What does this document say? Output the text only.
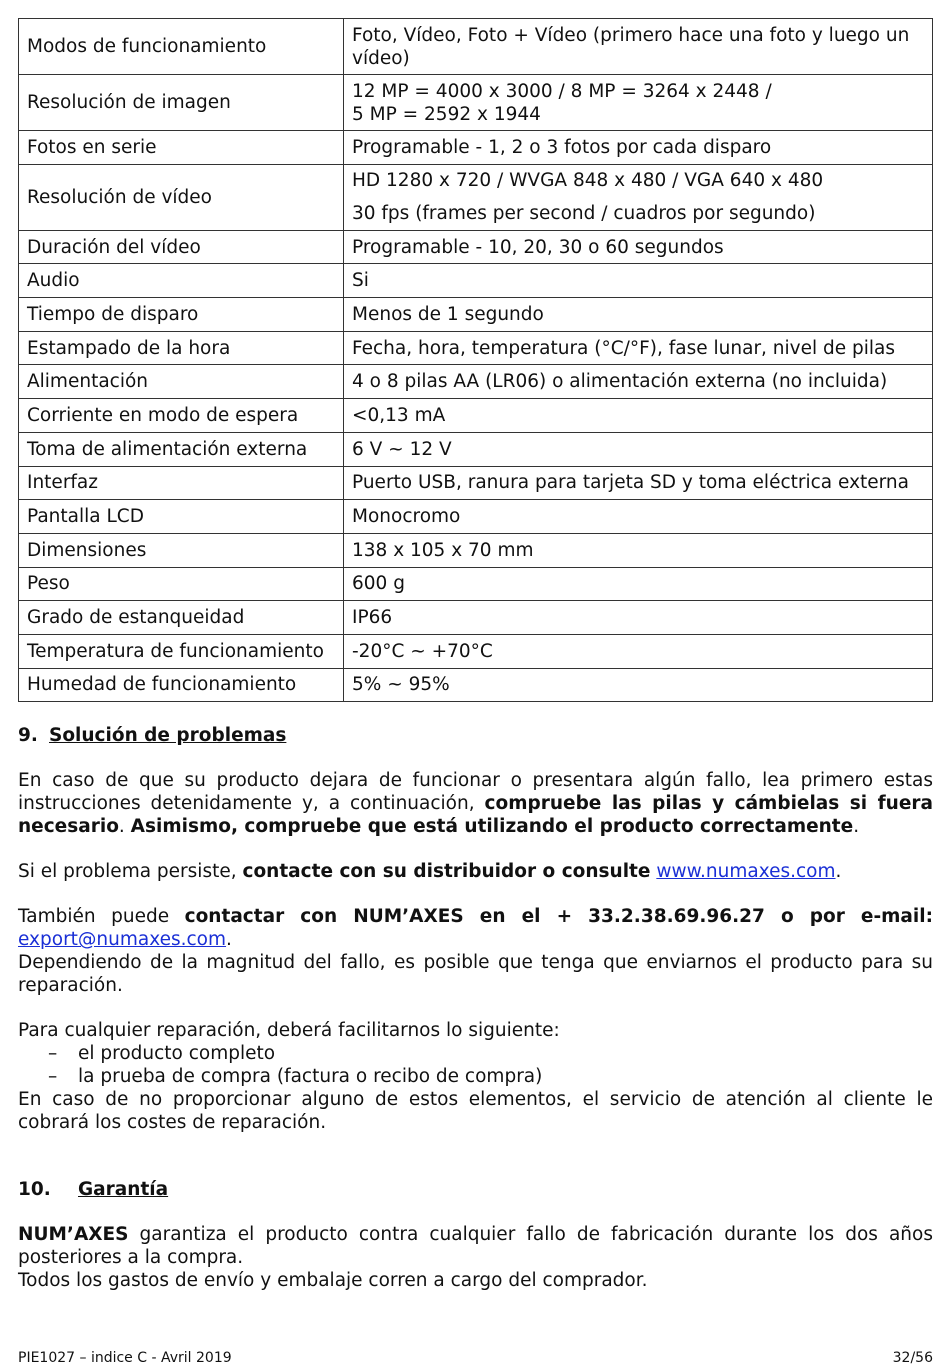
Modos de funcionamiento	Foto, Vídeo, Foto + Vídeo (primero hace una foto y luego un vídeo)

Resolución de imagen	12 MP = 4000 x 3000 / 8 MP = 3264 x 2448 /
5 MP = 2592 x 1944

Fotos en serie	Programable - 1, 2 o 3 fotos por cada disparo

Resolución de vídeo	HD 1280 x 720 / WVGA 848 x 480 / VGA 640 x 480
30 fps (frames per second / cuadros por segundo)

Duración del vídeo	Programable - 10, 20, 30 o 60 segundos

Audio	Si

Tiempo de disparo	Menos de 1 segundo

Estampado de la hora	Fecha, hora, temperatura (°C/°F), fase lunar, nivel de pilas

Alimentación	4 o 8 pilas AA (LR06) o alimentación externa (no incluida)

Corriente en modo de espera	<0,13 mA

Toma de alimentación externa	6 V ~ 12 V

Interfaz	Puerto USB, ranura para tarjeta SD y toma eléctrica externa

Pantalla LCD	Monocromo

Dimensiones	138 x 105 x 70 mm

Peso	600 g

Grado de estanqueidad	IP66

Temperatura de funcionamiento	-20°C ~ +70°C

Humedad de funcionamiento	5% ~ 95%
9. Solución de problemas

En caso de que su producto dejara de funcionar o presentara algún fallo, lea primero estas instrucciones detenidamente y, a continuación, compruebe las pilas y cámbielas si fuera necesario. Asimismo, compruebe que está utilizando el producto correctamente.

Si el problema persiste, contacte con su distribuidor o consulte www.numaxes.com.

También puede contactar con NUM’AXES en el + 33.2.38.69.96.27 o por e-mail: export@numaxes.com.

Dependiendo de la magnitud del fallo, es posible que tenga que enviarnos el producto para su reparación.

Para cualquier reparación, deberá facilitarnos lo siguiente:

– el producto completo
– la prueba de compra (factura o recibo de compra)

En caso de no proporcionar alguno de estos elementos, el servicio de atención al cliente le cobrará los costes de reparación.

10. Garantía

NUM’AXES garantiza el producto contra cualquier fallo de fabricación durante los dos años posteriores a la compra.

Todos los gastos de envío y embalaje corren a cargo del comprador.

PIE1027 – indice C - Avril 2019	32/56
